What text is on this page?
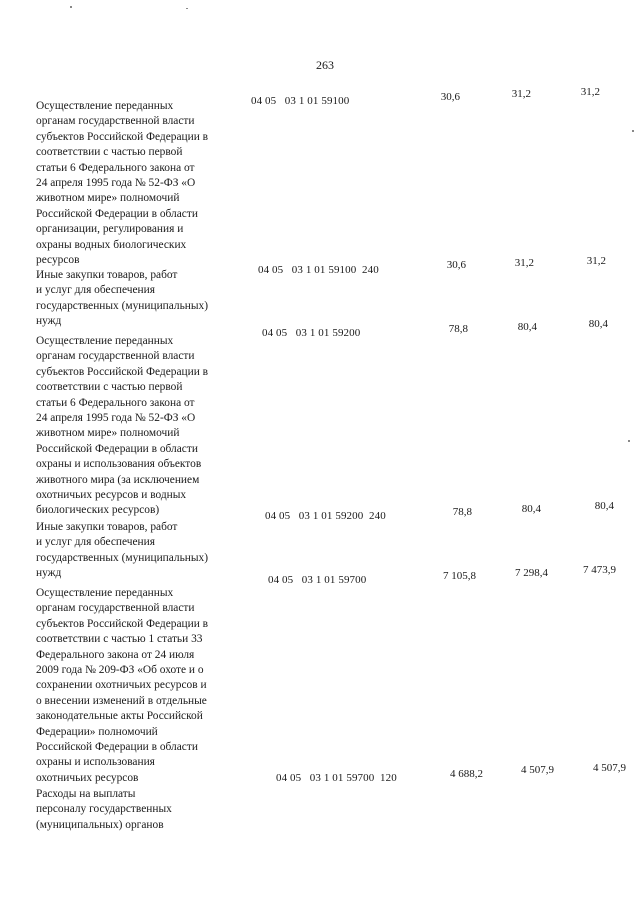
263
Осуществление переданных
органам государственной власти
субъектов Российской Федерации в
соответствии с частью первой
статьи 6 Федерального закона от
24 апреля 1995 года № 52-ФЗ «О
животном мире» полномочий
Российской Федерации в области
организации, регулирования и
охраны водных биологических
ресурсов
04 05   03 1 01 59100	30,6	31,2	31,2
Иные закупки товаров, работ
и услуг для обеспечения
государственных (муниципальных)
нужд
04 05   03 1 01 59100  240	30,6	31,2	31,2
Осуществление переданных
органам государственной власти
субъектов Российской Федерации в
соответствии с частью первой
статьи 6 Федерального закона от
24 апреля 1995 года № 52-ФЗ «О
животном мире» полномочий
Российской Федерации в области
охраны и использования объектов
животного мира (за исключением
охотничьих ресурсов и водных
биологических ресурсов)
04 05   03 1 01 59200	78,8	80,4	80,4
Иные закупки товаров, работ
и услуг для обеспечения
государственных (муниципальных)
нужд
04 05   03 1 01 59200  240	78,8	80,4	80,4
Осуществление переданных
органам государственной власти
субъектов Российской Федерации в
соответствии с частью 1 статьи 33
Федерального закона от 24 июля
2009 года № 209-ФЗ «Об охоте и о
сохранении охотничьих ресурсов и
о внесении изменений в отдельные
законодательные акты Российской
Федерации» полномочий
Российской Федерации в области
охраны и использования
охотничьих ресурсов
04 05   03 1 01 59700	7 105,8	7 298,4	7 473,9
Расходы на выплаты
персоналу государственных
(муниципальных) органов
04 05   03 1 01 59700  120	4 688,2	4 507,9	4 507,9
